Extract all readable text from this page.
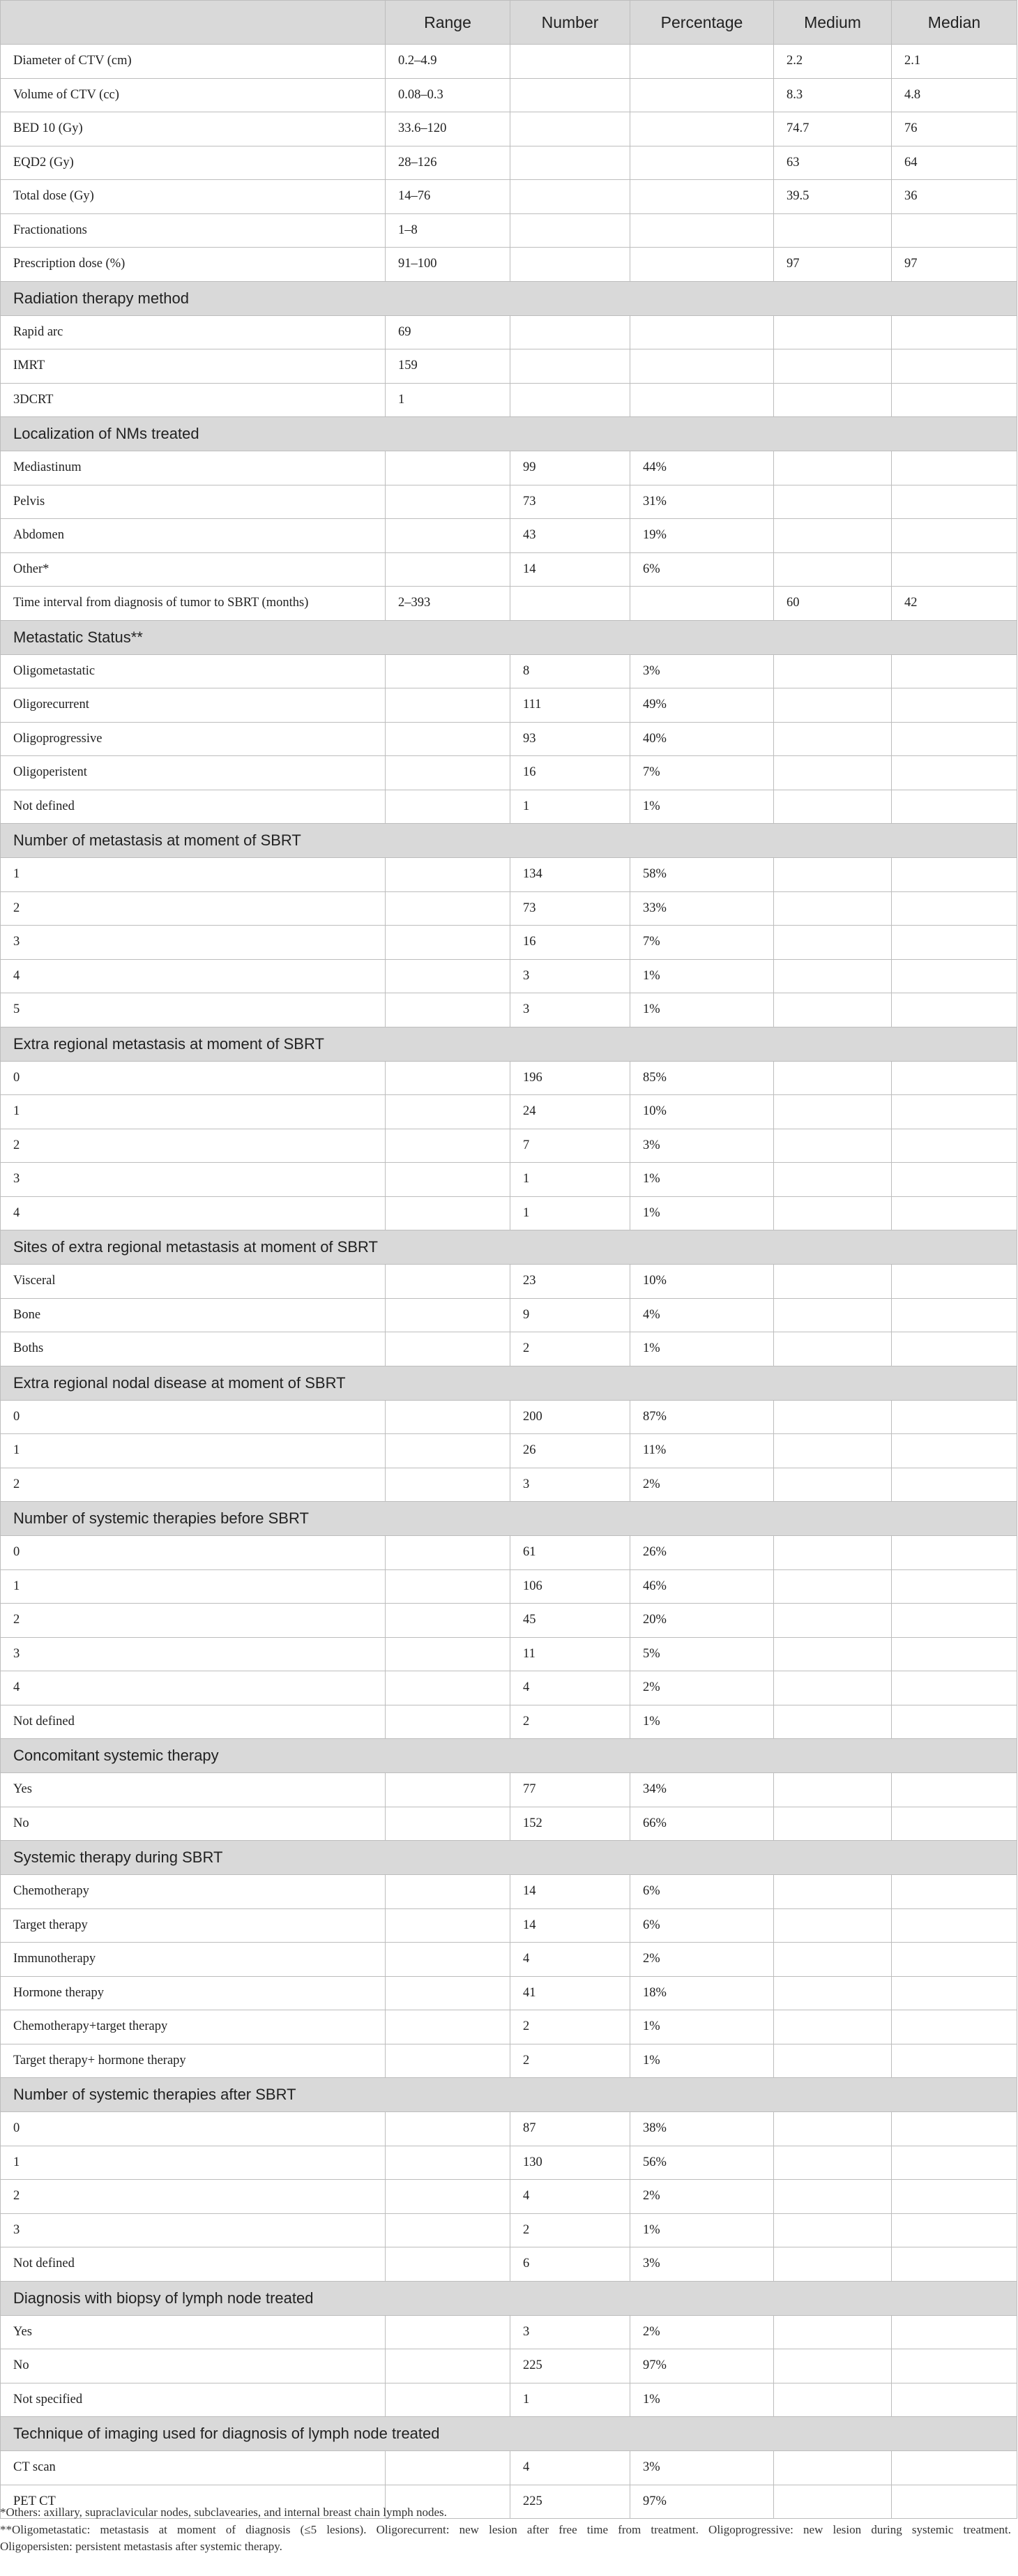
	Range	Number	Percentage	Medium	Median
Diameter of CTV (cm)	0.2–4.9			2.2	2.1
Volume of CTV (cc)	0.08–0.3			8.3	4.8
BED 10 (Gy)	33.6–120			74.7	76
EQD2 (Gy)	28–126			63	64
Total dose (Gy)	14–76			39.5	36
Fractionations	1–8				
Prescription dose (%)	91–100			97	97
Radiation therapy method					
Rapid arc	69				
IMRT	159				
3DCRT	1				
Localization of NMs treated					
Mediastinum		99	44%		
Pelvis		73	31%		
Abdomen		43	19%		
Other*		14	6%		
Time interval from diagnosis of tumor to SBRT (months)	2–393			60	42
Metastatic Status**					
Oligometastatic		8	3%		
Oligorecurrent		111	49%		
Oligoprogressive		93	40%		
Oligoperistent		16	7%		
Not defined		1	1%		
Number of metastasis at moment of SBRT					
1		134	58%		
2		73	33%		
3		16	7%		
4		3	1%		
5		3	1%		
Extra regional metastasis at moment of SBRT					
0		196	85%		
1		24	10%		
2		7	3%		
3		1	1%		
4		1	1%		
Sites of extra regional metastasis at moment of SBRT					
Visceral		23	10%		
Bone		9	4%		
Boths		2	1%		
Extra regional nodal disease at moment of SBRT					
0		200	87%		
1		26	11%		
2		3	2%		
Number of systemic therapies before SBRT					
0		61	26%		
1		106	46%		
2		45	20%		
3		11	5%		
4		4	2%		
Not defined		2	1%		
Concomitant systemic therapy					
Yes		77	34%		
No		152	66%		
Systemic therapy during SBRT					
Chemotherapy		14	6%		
Target therapy		14	6%		
Immunotherapy		4	2%		
Hormone therapy		41	18%		
Chemotherapy+target therapy		2	1%		
Target therapy+ hormone therapy		2	1%		
Number of systemic therapies after SBRT					
0		87	38%		
1		130	56%		
2		4	2%		
3		2	1%		
Not defined		6	3%		
Diagnosis with biopsy of lymph node treated					
Yes		3	2%		
No		225	97%		
Not specified		1	1%		
Technique of imaging used for diagnosis of lymph node treated					
CT scan		4	3%		
PET CT		225	97%		

*Others: axillary, supraclavicular nodes, subclavearies, and internal breast chain lymph nodes.

**Oligometastatic: metastasis at moment of diagnosis (≤5 lesions). Oligorecurrent: new lesion after free time from treatment. Oligoprogressive: new lesion during systemic treatment.

Oligopersisten: persistent metastasis after systemic therapy.
